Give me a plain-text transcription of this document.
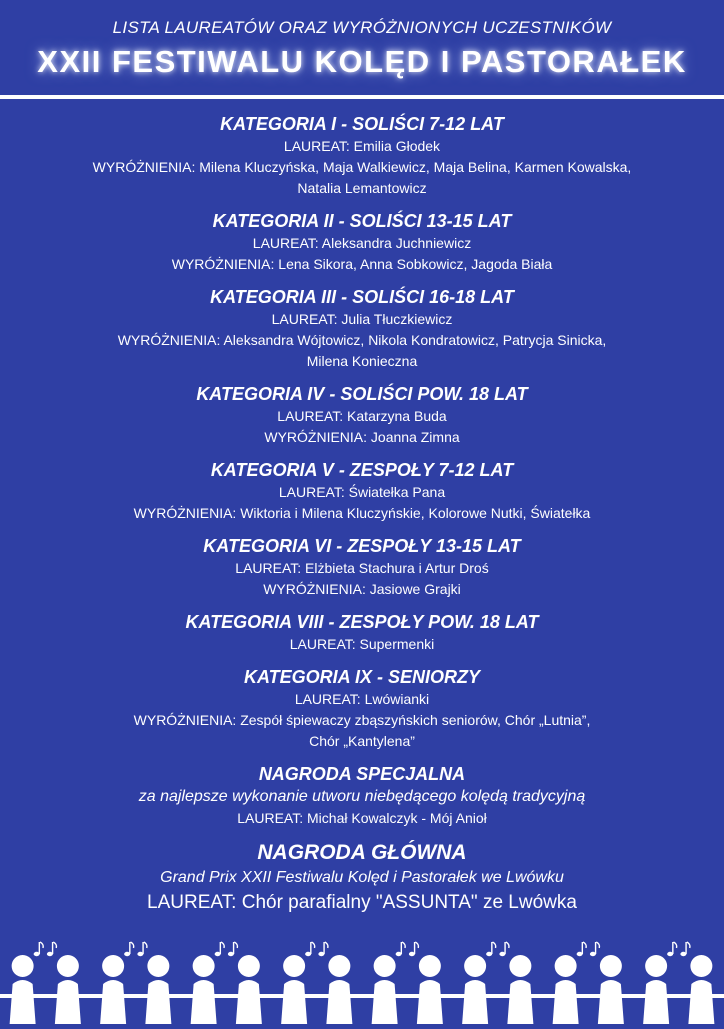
LISTA LAUREATÓW ORAZ WYRÓŻNIONYCH UCZESTNIKÓW
XXII FESTIWALU KOLĘD I PASTORAŁEK
KATEGORIA I - SOLIŚCI 7-12 LAT
LAUREAT: Emilia Głodek
WYRÓŻNIENIA: Milena Kluczyńska, Maja Walkiewicz, Maja Belina, Karmen Kowalska,
Natalia Lemantowicz
KATEGORIA II - SOLIŚCI 13-15 LAT
LAUREAT: Aleksandra Juchniewicz
WYRÓŻNIENIA: Lena Sikora, Anna Sobkowicz, Jagoda Biała
KATEGORIA III - SOLIŚCI 16-18 LAT
LAUREAT: Julia Tłuczkiewicz
WYRÓŻNIENIA: Aleksandra Wójtowicz, Nikola Kondratowicz, Patrycja Sinicka,
Milena Konieczna
KATEGORIA IV - SOLIŚCI POW. 18 LAT
LAUREAT: Katarzyna Buda
WYRÓŻNIENIA: Joanna Zimna
KATEGORIA V - ZESPOŁY 7-12 LAT
LAUREAT: Światełka Pana
WYRÓŻNIENIA: Wiktoria i Milena Kluczyńskie, Kolorowe Nutki, Światełka
KATEGORIA VI - ZESPOŁY 13-15 LAT
LAUREAT: Elżbieta Stachura i Artur Droś
WYRÓŻNIENIA: Jasiowe Grajki
KATEGORIA VIII - ZESPOŁY POW. 18 LAT
LAUREAT: Supermenki
KATEGORIA IX - SENIORZY
LAUREAT: Lwówianki
WYRÓŻNIENIA: Zespół śpiewaczy zbąszyńskich seniorów, Chór „Lutnia”,
Chór „Kantylena”
NAGRODA SPECJALNA
za najlepsze wykonanie utworu niebędącego kolędą tradycyjną
LAUREAT: Michał Kowalczyk - Mój Anioł
NAGRODA GŁÓWNA
Grand Prix XXII Festiwalu Kolęd i Pastorałek we Lwówku
LAUREAT: Chór parafialny "ASSUNTA" ze Lwówka
